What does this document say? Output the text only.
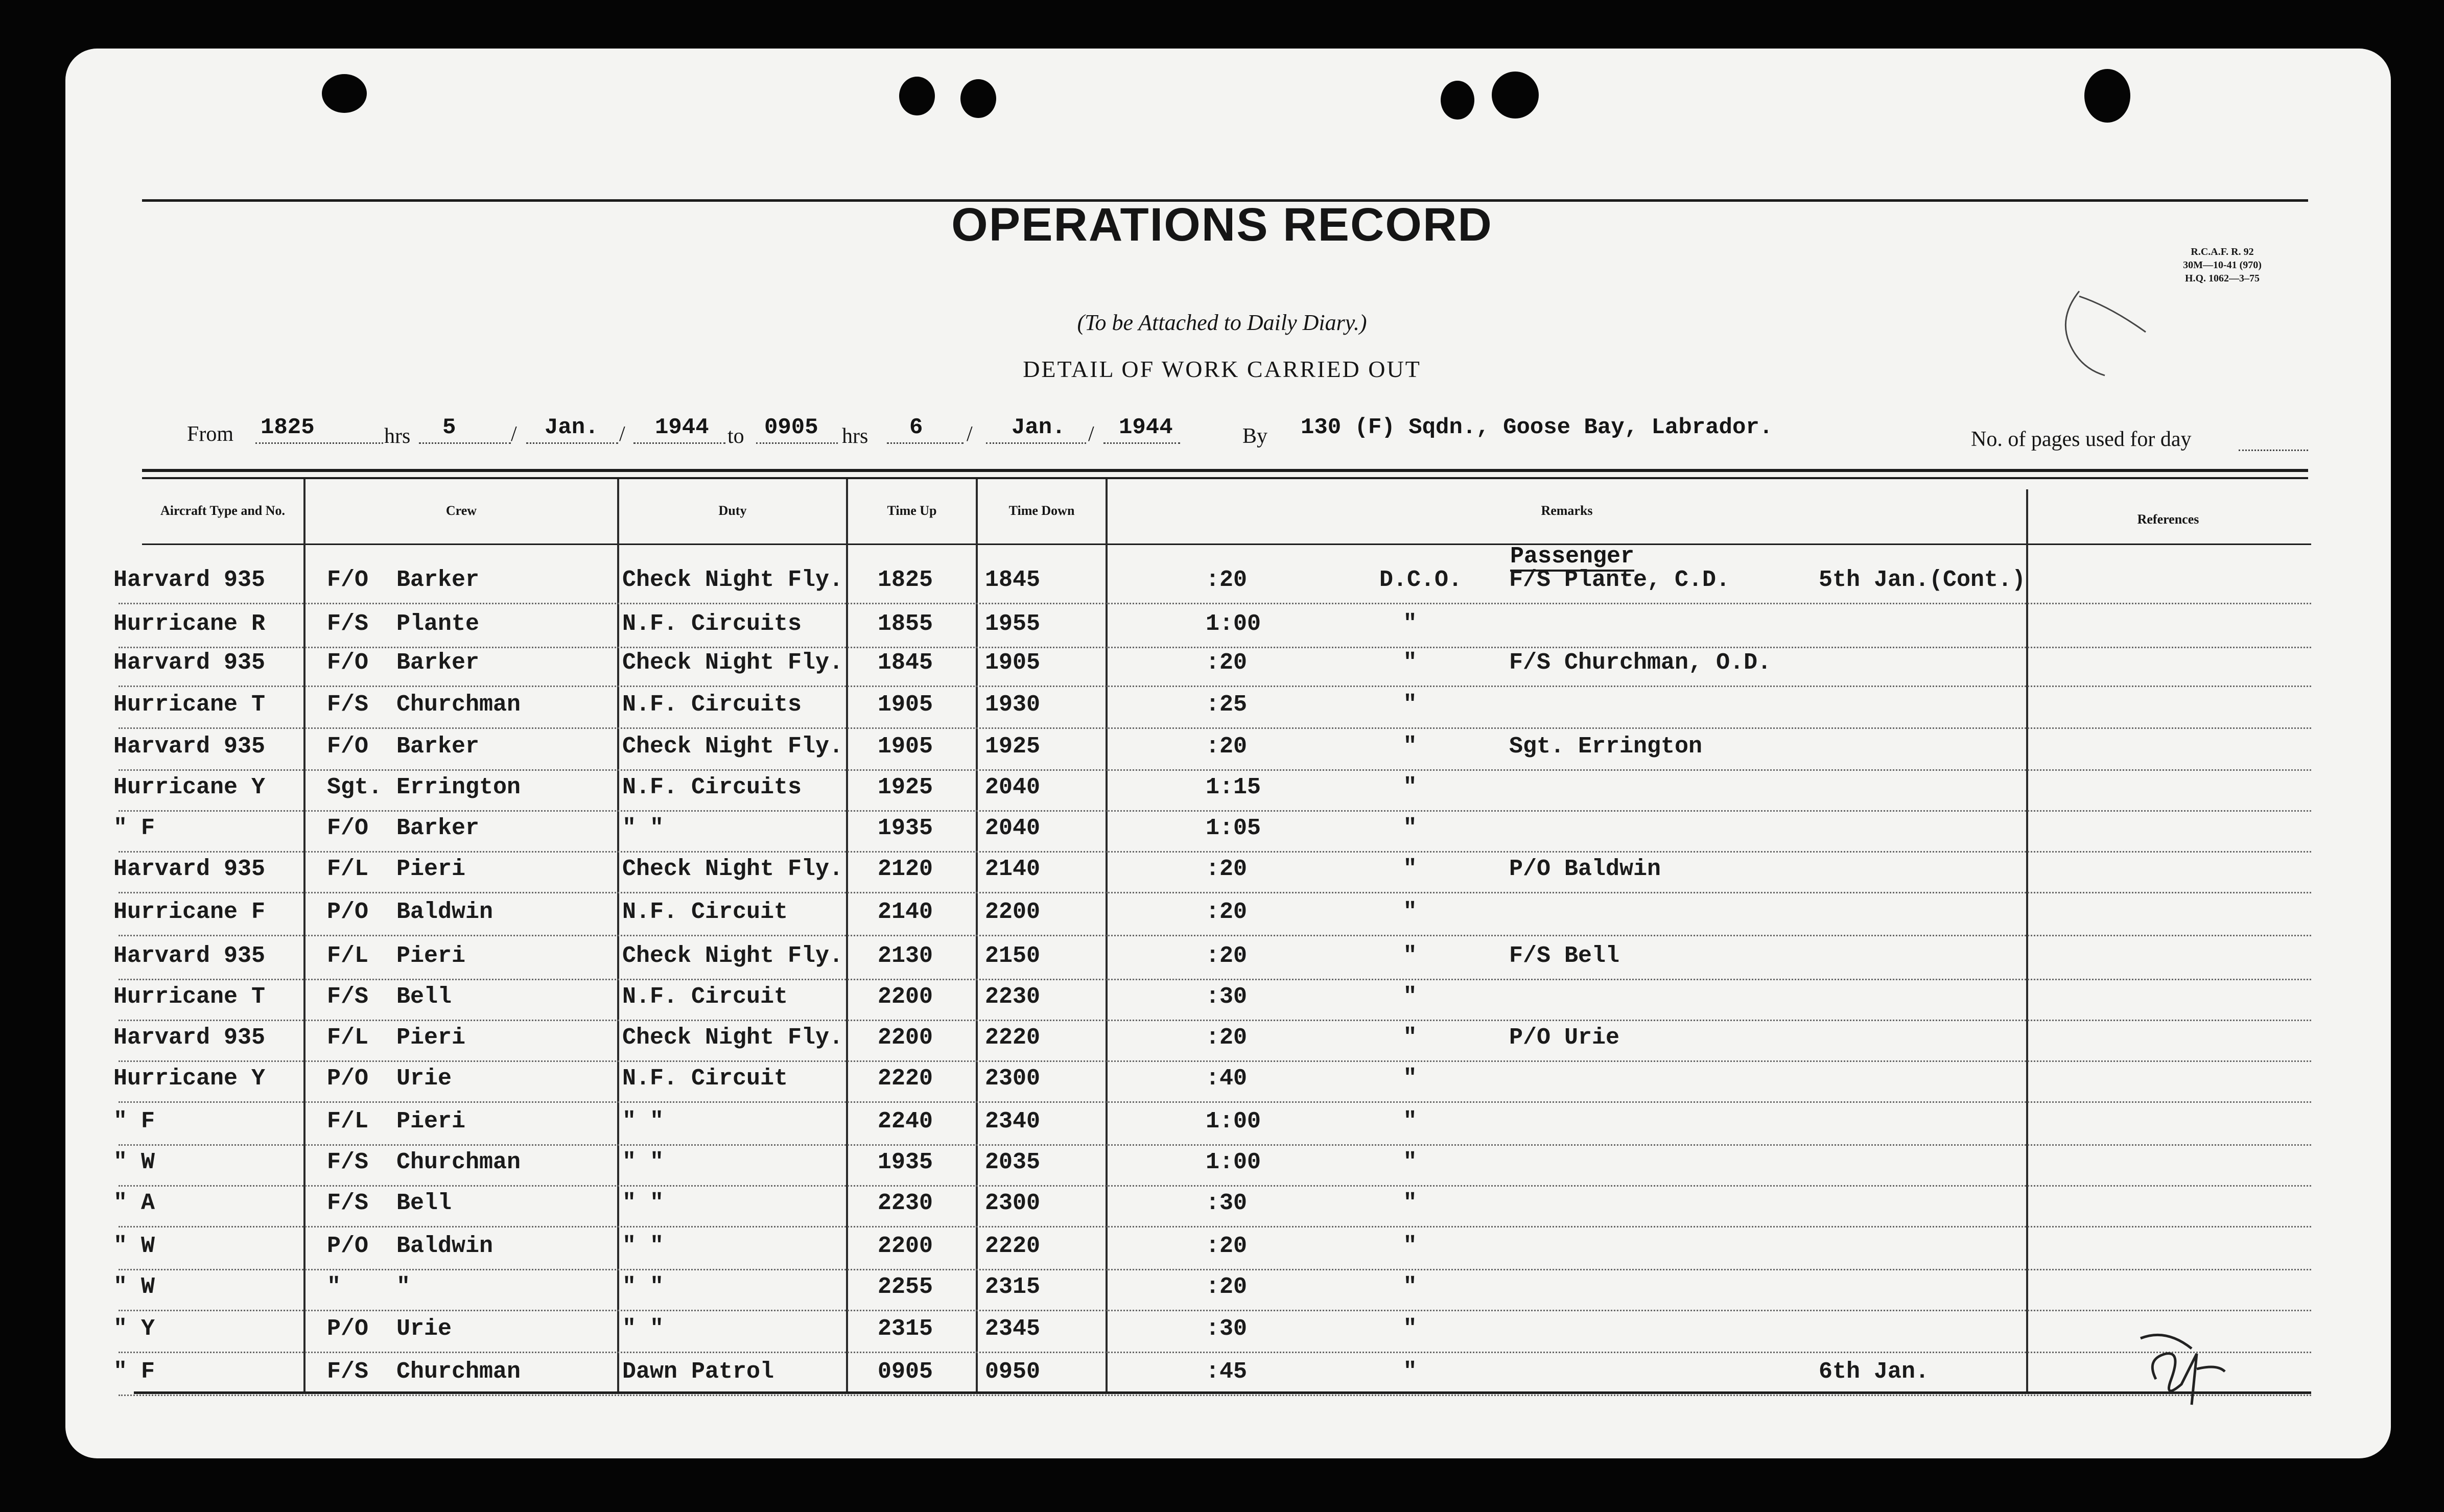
OPERATIONS RECORD
(To be Attached to Daily Diary.)
DETAIL OF WORK CARRIED OUT
R.C.A.F. R. 92
30M—10-41 (970)
H.Q. 1062—3–75
From 1825	hrs 5	/ Jan. / 1944 to 0905 hrs 6 / Jan. / 1944	By 130 (F) Sqdn., Goose Bay, Labrador.	No. of pages used for day
Aircraft Type and No.	Crew	Duty	Time Up	Time Down	Remarks
References
Passenger
Harvard 935	F/O Barker	Check Night Fly. 1825 1845	:20	D.C.O. F/S Plante, C.D.	5th Jan.(Cont.)
Hurricane R	F/S Plante	N.F. Circuits	1855 1955	1:00	"
Harvard 935	F/O Barker	Check Night Fly. 1845 1905	:20	"	F/S Churchman, O.D.
Hurricane T	F/S Churchman	N.F. Circuits	1905 1930	:25	"
Harvard 935	F/O Barker	Check Night Fly. 1905 1925	:20	"	Sgt. Errington
Hurricane Y	Sgt. Errington	N.F. Circuits	1925 2040	1:15	"
" F	F/O Barker	" "	1935 2040	1:05	"
Harvard 935	F/L Pieri	Check Night Fly. 2120 2140	:20	"	P/O Baldwin
Hurricane F	P/O Baldwin	N.F. Circuit	2140 2200	:20	"
Harvard 935	F/L Pieri	Check Night Fly. 2130 2150	:20	"	F/S Bell
Hurricane T	F/S Bell	N.F. Circuit	2200 2230	:30	"
Harvard 935	F/L Pieri	Check Night Fly. 2200 2220	:20	"	P/O Urie
Hurricane Y	P/O Urie	N.F. Circuit	2220 2300	:40	"
" F	F/L Pieri	" "	2240 2340	1:00	"
" W	F/S Churchman	" "	1935 2035	1:00	"
" A	F/S Bell	" "	2230 2300	:30	"
" W	P/O Baldwin	" "	2200 2220	:20	"
" W	" "	" "	2255 2315	:20	"
" Y	P/O Urie	" "	2315 2345	:30	"
" F	F/S Churchman	Dawn Patrol	0905 0950	:45	"	6th Jan.
